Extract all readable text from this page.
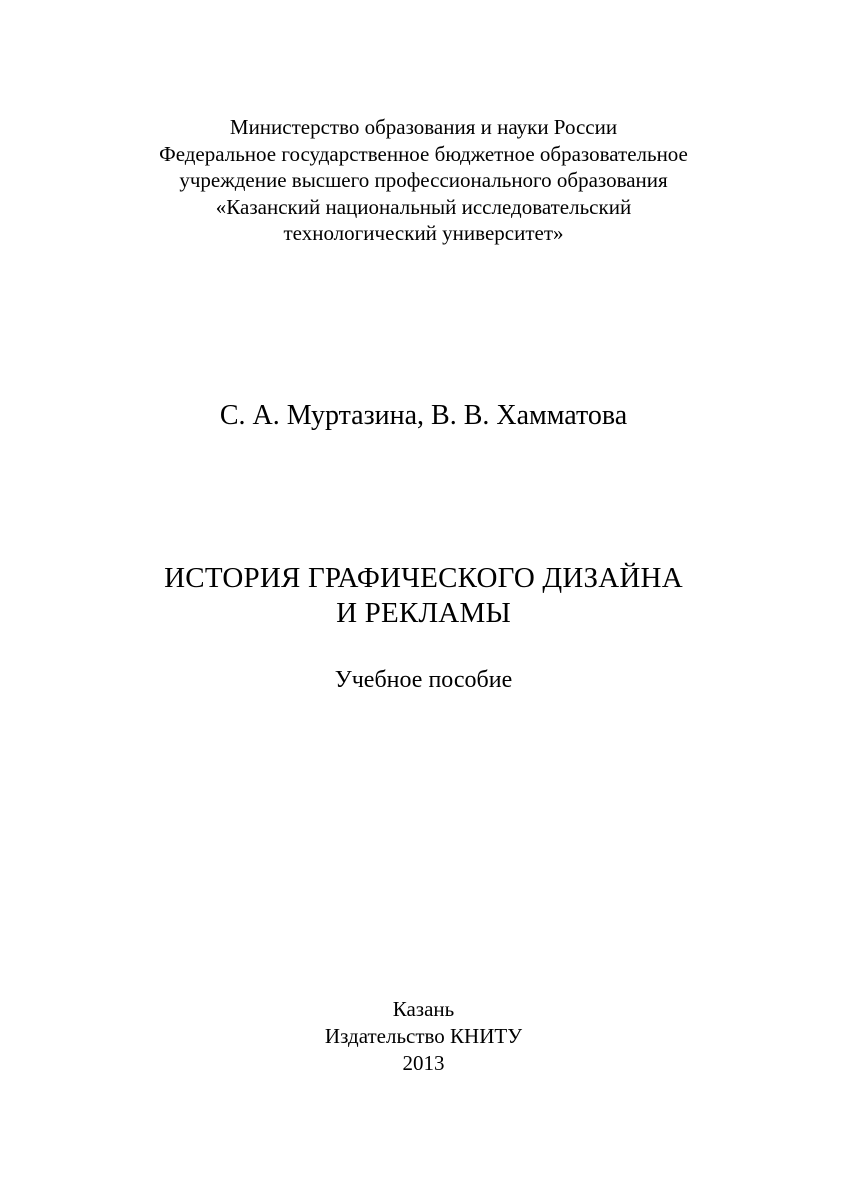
Министерство образования и науки России
Федеральное государственное бюджетное образовательное
учреждение высшего профессионального образования
«Казанский национальный исследовательский
технологический университет»
С. А. Муртазина, В. В. Хамматова
ИСТОРИЯ ГРАФИЧЕСКОГО ДИЗАЙНА
И РЕКЛАМЫ
Учебное пособие
Казань
Издательство КНИТУ
2013
